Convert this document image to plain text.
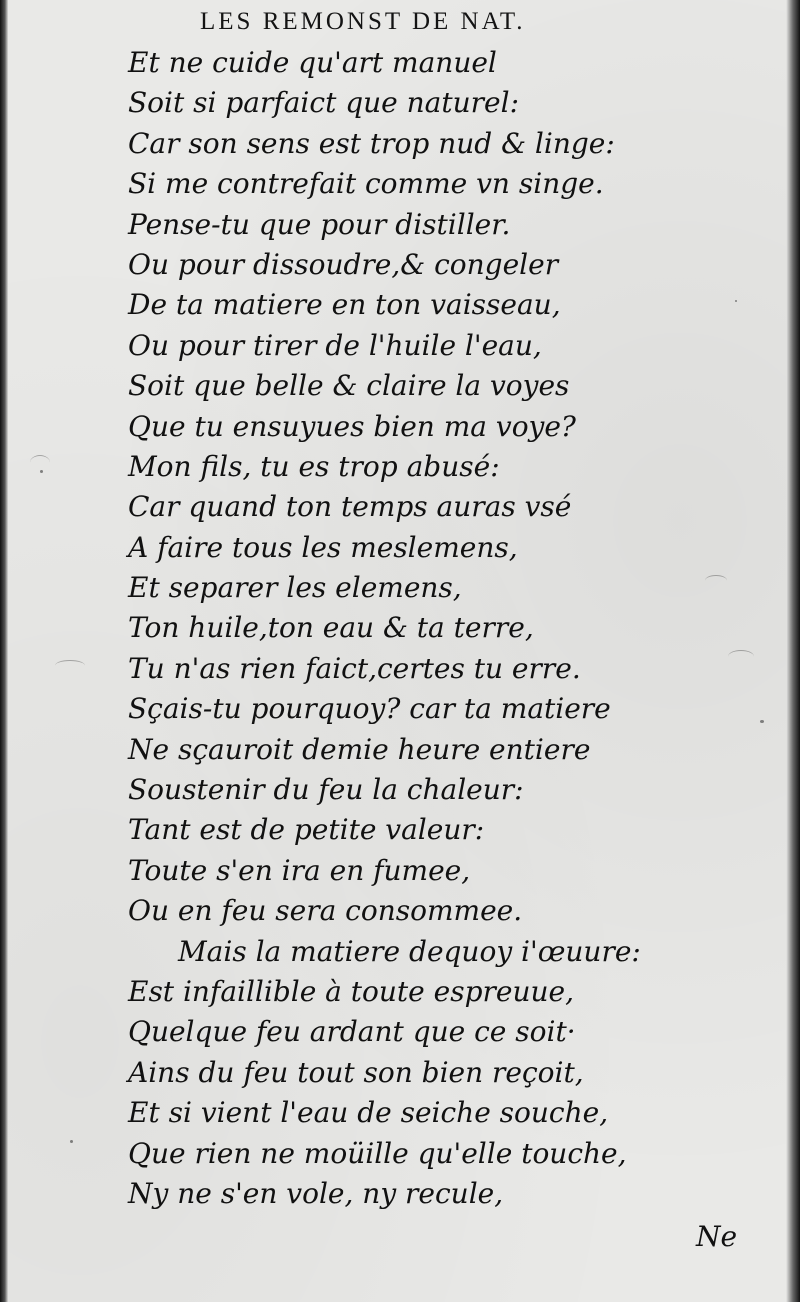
LES REMONST DE NAT.
Et ne cuide qu'art manuel
Soit si parfaict que naturel:
Car son sens est trop nud & linge:
Si me contrefait comme vn singe.
Pense-tu que pour distiller.
Ou pour dissoudre,& congeler
De ta matiere en ton vaisseau,
Ou pour tirer de l'huile l'eau,
Soit que belle & claire la voyes
Que tu ensuyues bien ma voye?
Mon fils, tu es trop abusé:
Car quand ton temps auras vsé
A faire tous les meslemens,
Et separer les elemens,
Ton huile,ton eau & ta terre,
Tu n'as rien faict,certes tu erre.
Sçais-tu pourquoy? car ta matiere
Ne sçauroit demie heure entiere
Soustenir du feu la chaleur:
Tant est de petite valeur:
Toute s'en ira en fumee,
Ou en feu sera consommee.
Mais la matiere dequoy i'œuure:
Est infaillible à toute espreuue,
Quelque feu ardant que ce soit·
Ains du feu tout son bien reçoit,
Et si vient l'eau de seiche souche,
Que rien ne moüille qu'elle touche,
Ny ne s'en vole, ny recule,
Ne
